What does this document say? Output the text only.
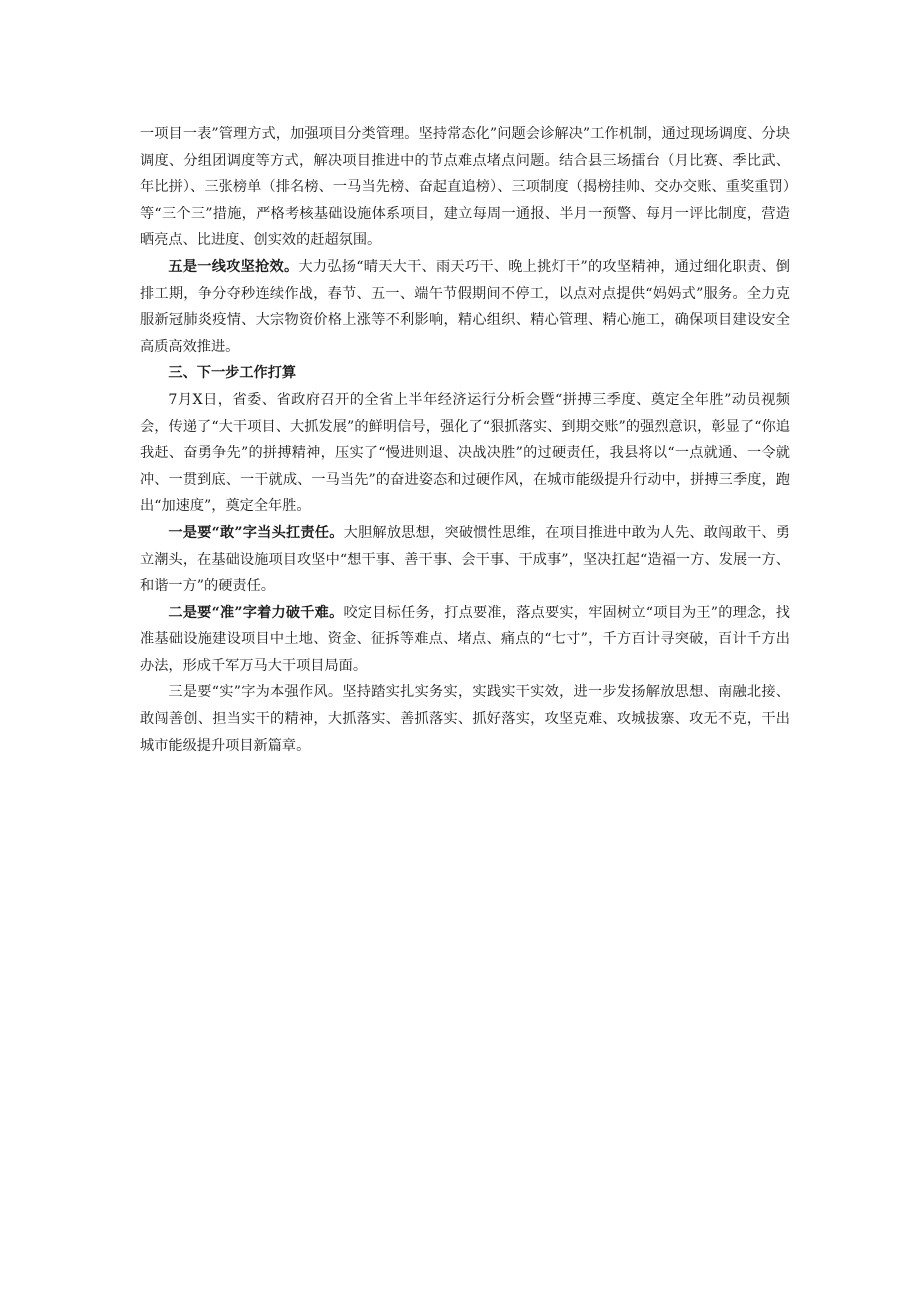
一项目一表”管理方式，加强项目分类管理。坚持常态化”问题会诊解决”工作机制，通过现场调度、分块调度、分组团调度等方式，解决项目推进中的节点难点堵点问题。结合县三场擂台（月比赛、季比武、年比拼）、三张榜单（排名榜、一马当先榜、奋起直追榜）、三项制度（揭榜挂帅、交办交账、重奖重罚）等“三个三”措施，严格考核基础设施体系项目，建立每周一通报、半月一预警、每月一评比制度，营造晒亮点、比进度、创实效的赶超氛围。

五是一线攻坚抢效。大力弘扬“晴天大干、雨天巧干、晚上挑灯干”的攻坚精神，通过细化职责、倒排工期，争分夺秒连续作战，春节、五一、端午节假期间不停工，以点对点提供“妈妈式”服务。全力克服新冠肺炎疫情、大宗物资价格上涨等不利影响，精心组织、精心管理、精心施工，确保项目建设安全高质高效推进。

三、下一步工作打算

7月X日，省委、省政府召开的全省上半年经济运行分析会暨“拼搏三季度、奠定全年胜”动员视频会，传递了“大干项目、大抓发展”的鲜明信号，强化了“狠抓落实、到期交账”的强烈意识，彰显了“你追我赶、奋勇争先”的拼搏精神，压实了“慢进则退、决战决胜”的过硬责任，我县将以“一点就通、一令就冲、一贯到底、一干就成、一马当先”的奋进姿态和过硬作风，在城市能级提升行动中，拼搏三季度，跑出“加速度”，奠定全年胜。

一是要“敢”字当头扛责任。大胆解放思想，突破惯性思维，在项目推进中敢为人先、敢闯敢干、勇立潮头，在基础设施项目攻坚中“想干事、善干事、会干事、干成事”，坚决扛起“造福一方、发展一方、和谐一方”的硬责任。

二是要“准”字着力破千难。咬定目标任务，打点要准，落点要实，牢固树立“项目为王”的理念，找准基础设施建设项目中土地、资金、征拆等难点、堵点、痛点的“七寸”，千方百计寻突破，百计千方出办法，形成千军万马大干项目局面。

三是要“实”字为本强作风。坚持踏实扎实务实，实践实干实效，进一步发扬解放思想、南融北接、敢闯善创、担当实干的精神，大抓落实、善抓落实、抓好落实，攻坚克难、攻城拔寨、攻无不克，干出城市能级提升项目新篇章。
